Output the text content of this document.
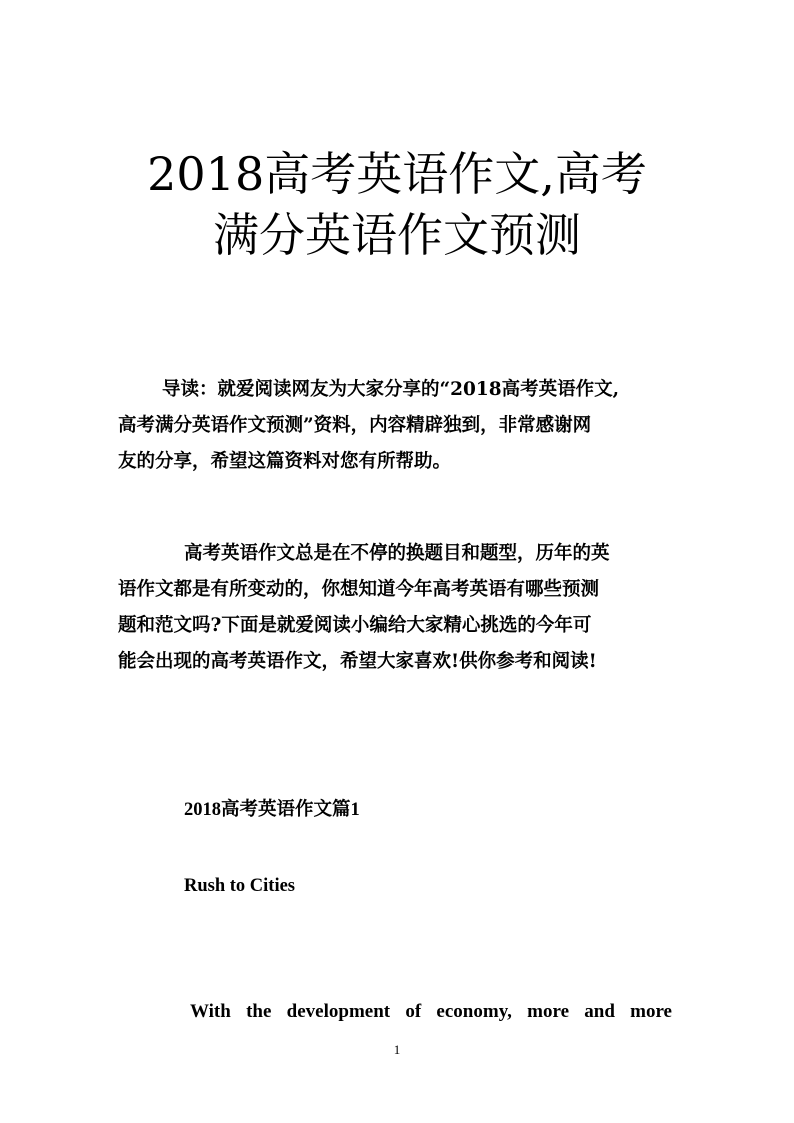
2018高考英语作文,高考
满分英语作文预测

导读：就爱阅读网友为大家分享的“2018高考英语作文,
高考满分英语作文预测”资料，内容精辟独到，非常感谢网
友的分享，希望这篇资料对您有所帮助。

高考英语作文总是在不停的换题目和题型，历年的英
语作文都是有所变动的，你想知道今年高考英语有哪些预测
题和范文吗?下面是就爱阅读小编给大家精心挑选的今年可
能会出现的高考英语作文，希望大家喜欢!供你参考和阅读!

2018高考英语作文篇1

Rush to Cities

With the development of economy, more and more

1
